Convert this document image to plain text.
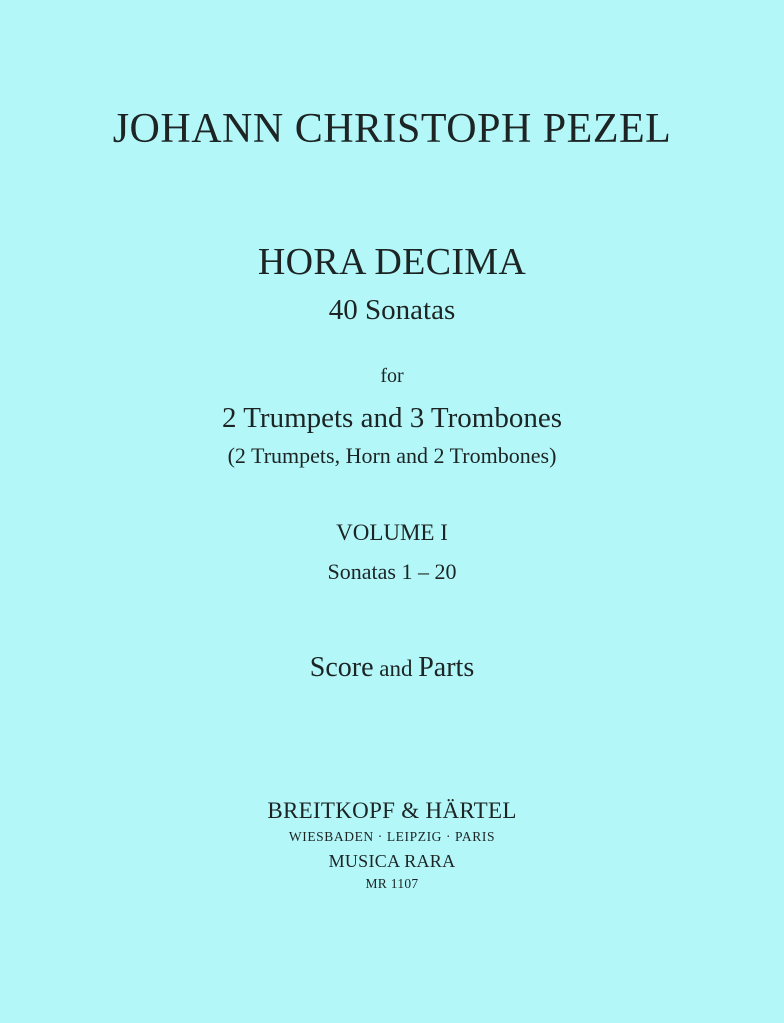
JOHANN CHRISTOPH PEZEL

HORA DECIMA

40 Sonatas

for

2 Trumpets and 3 Trombones

(2 Trumpets, Horn and 2 Trombones)

VOLUME I

Sonatas 1 – 20

Score and Parts

BREITKOPF & HÄRTEL

WIESBADEN · LEIPZIG · PARIS

MUSICA RARA

MR 1107
